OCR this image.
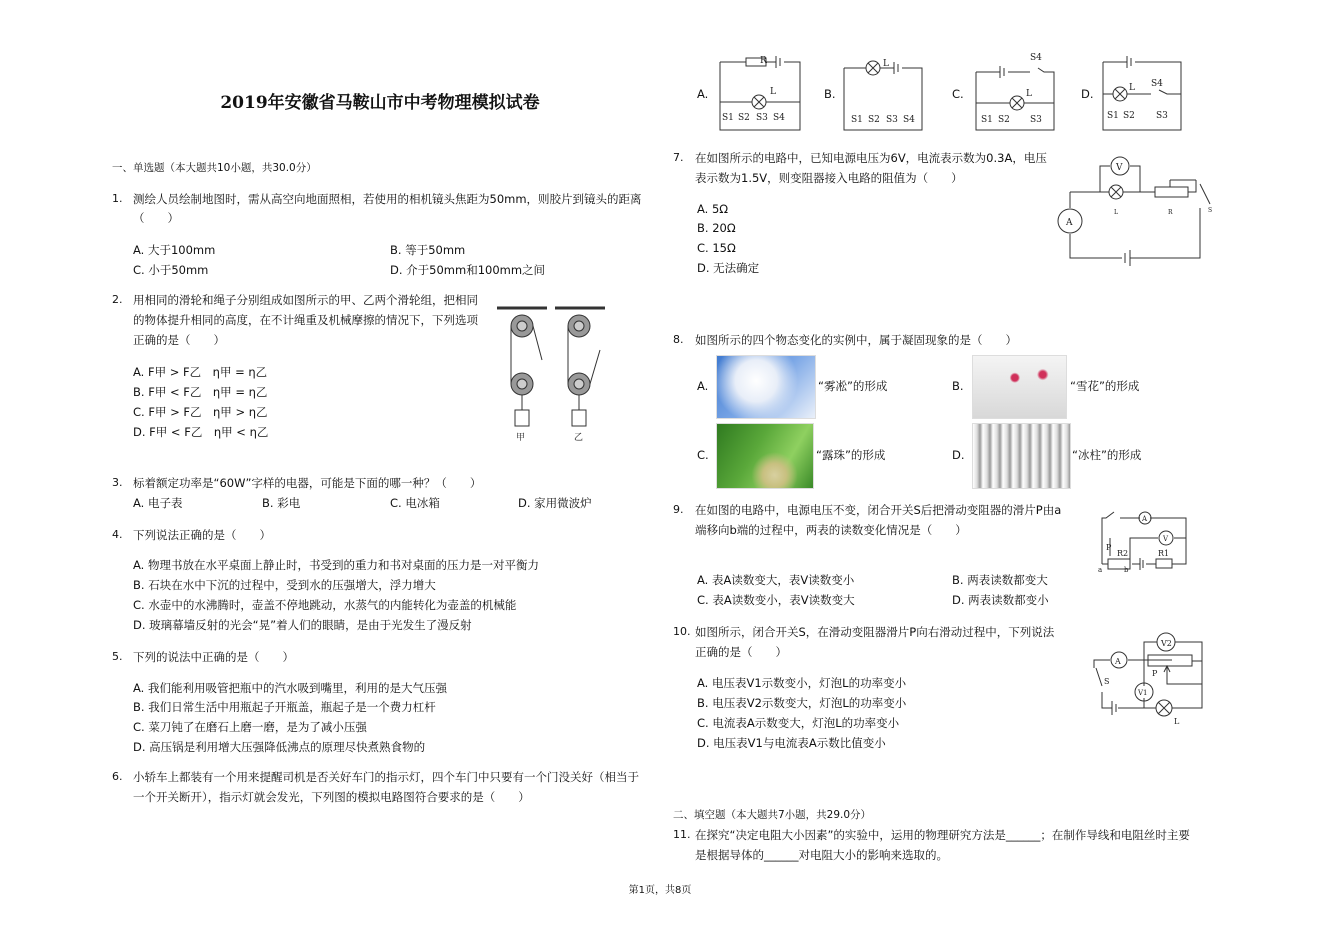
2019年安徽省马鞍山市中考物理模拟试卷
一、单选题（本大题共10小题，共30.0分）
1. 测绘人员绘制地图时，需从高空向地面照相，若使用的相机镜头焦距为50mm，则胶片到镜头的距离
（　　）
A. 大于100mm	B. 等于50mm
C. 小于50mm	D. 介于50mm和100mm之间
2. 用相同的滑轮和绳子分别组成如图所示的甲、乙两个滑轮组，把相同
的物体提升相同的高度，在不计绳重及机械摩擦的情况下，下列选项
正确的是（　　）
A. F甲 > F乙　η甲 = η乙
B. F甲 < F乙　η甲 = η乙
C. F甲 > F乙　η甲 > η乙
D. F甲 < F乙　η甲 < η乙	甲	乙
3. 标着额定功率是“60W”字样的电器，可能是下面的哪一种？（　　）
A. 电子表	B. 彩电	C. 电冰箱	D. 家用微波炉
4. 下列说法正确的是（　　）
A. 物理书放在水平桌面上静止时，书受到的重力和书对桌面的压力是一对平衡力
B. 石块在水中下沉的过程中，受到水的压强增大，浮力增大
C. 水壶中的水沸腾时，壶盖不停地跳动，水蒸气的内能转化为壶盖的机械能
D. 玻璃幕墙反射的光会“晃”着人们的眼睛，是由于光发生了漫反射
5. 下列的说法中正确的是（　　）
A. 我们能利用吸管把瓶中的汽水吸到嘴里，利用的是大气压强
B. 我们日常生活中用瓶起子开瓶盖，瓶起子是一个费力杠杆
C. 菜刀钝了在磨石上磨一磨，是为了减小压强
D. 高压锅是利用增大压强降低沸点的原理尽快煮熟食物的
6. 小轿车上都装有一个用来提醒司机是否关好车门的指示灯，四个车门中只要有一个门没关好（相当于
一个开关断开），指示灯就会发光，下列图的模拟电路图符合要求的是（　　）
A.	B.	C.	D.
R
L
S1 S2 S3 S4
L
S1 S2 S3 S4
S4
L
S1 S2 S3
L S4
S1 S2 S3
7. 在如图所示的电路中，已知电源电压为6V，电流表示数为0.3A，电压
表示数为1.5V，则变阻器接入电路的阻值为（　　）
A. 5Ω
B. 20Ω
C. 15Ω
D. 无法确定
V
A
L	R	S
8. 如图所示的四个物态变化的实例中，属于凝固现象的是（　　）
A.	“雾凇”的形成	B.	“雪花”的形成
C.	“露珠”的形成	D.	“冰柱”的形成
9. 在如图的电路中，电源电压不变，闭合开关S后把滑动变阻器的滑片P由a
端移向b端的过程中，两表的读数变化情况是（　　）
A. 表A读数变大，表V读数变小	B. 两表读数都变大
C. 表A读数变小，表V读数变大	D. 两表读数都变小
A
V
P
R2	R1
a	b
10. 如图所示，闭合开关S，在滑动变阻器滑片P向右滑动过程中，下列说法
正确的是（　　）
A. 电压表V1示数变小，灯泡L的功率变小
B. 电压表V2示数变大，灯泡L的功率变小
C. 电流表A示数变大，灯泡L的功率变小
D. 电压表V1与电流表A示数比值变小
A
V2
V1
S
P
L
二、填空题（本大题共7小题，共29.0分）
11. 在探究“决定电阻大小因素”的实验中，运用的物理研究方法是______；在制作导线和电阻丝时主要
是根据导体的______对电阻大小的影响来选取的。
第1页，共8页
